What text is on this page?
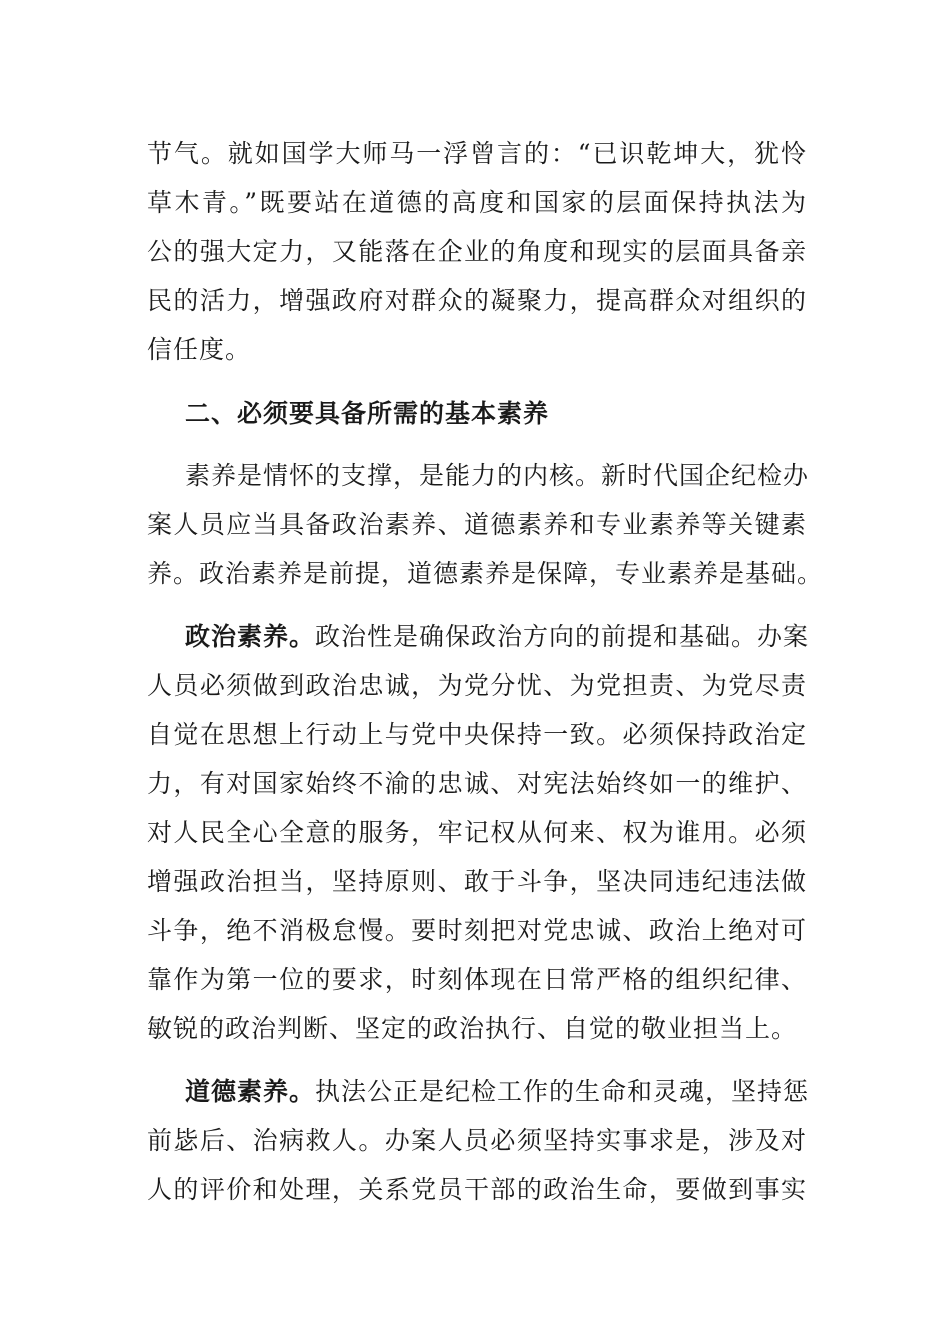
节气。就如国学大师马一浮曾言的：“已识乾坤大，犹怜
草木青。”既要站在道德的高度和国家的层面保持执法为
公的强大定力，又能落在企业的角度和现实的层面具备亲
民的活力，增强政府对群众的凝聚力，提高群众对组织的
信任度。
二、必须要具备所需的基本素养
素养是情怀的支撑，是能力的内核。新时代国企纪检办
案人员应当具备政治素养、道德素养和专业素养等关键素
养。政治素养是前提，道德素养是保障，专业素养是基础。
政治素养。政治性是确保政治方向的前提和基础。办案
人员必须做到政治忠诚，为党分忧、为党担责、为党尽责
自觉在思想上行动上与党中央保持一致。必须保持政治定
力，有对国家始终不渝的忠诚、对宪法始终如一的维护、
对人民全心全意的服务，牢记权从何来、权为谁用。必须
增强政治担当，坚持原则、敢于斗争，坚决同违纪违法做
斗争，绝不消极怠慢。要时刻把对党忠诚、政治上绝对可
靠作为第一位的要求，时刻体现在日常严格的组织纪律、
敏锐的政治判断、坚定的政治执行、自觉的敬业担当上。
道德素养。执法公正是纪检工作的生命和灵魂，坚持惩
前毖后、治病救人。办案人员必须坚持实事求是，涉及对
人的评价和处理，关系党员干部的政治生命，要做到事实
